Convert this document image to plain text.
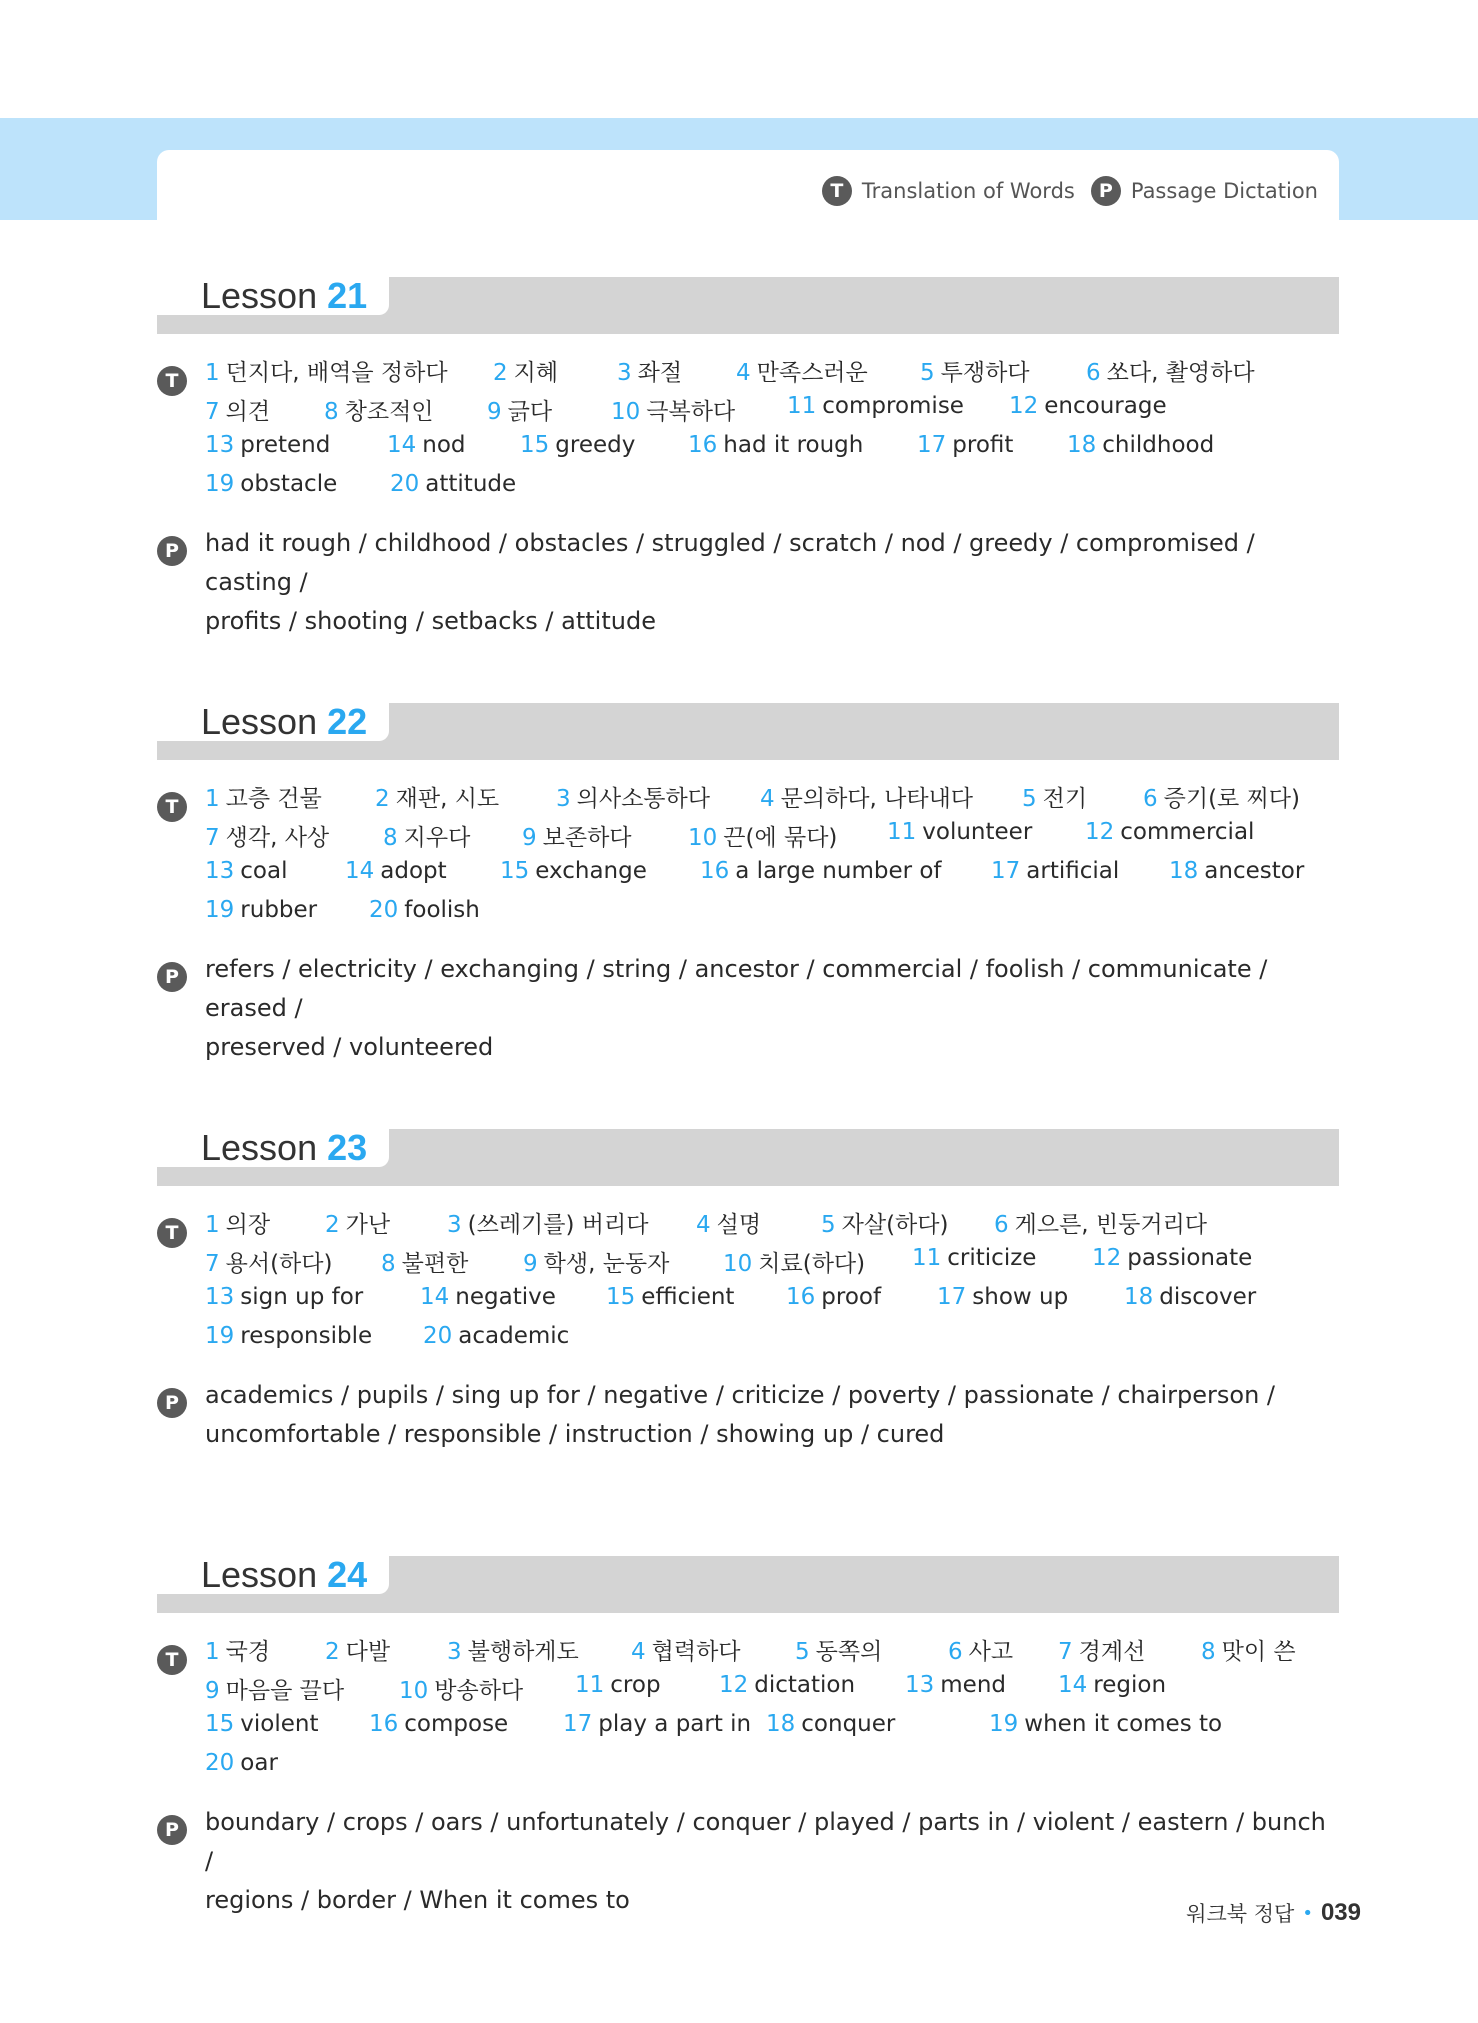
T Translation of Words	P Passage Dictation
Lesson 21
T	1 던지다, 배역을 정하다 2 지혜	3 좌절 4 만족스러운 5 투쟁하다 6 쏘다, 촬영하다
7 의견 8 창조적인 9 긁다	10 극복하다 11 compromise 12 encourage
13 pretend 14 nod 15 greedy 16 had it rough 17 profit 18 childhood
19 obstacle 20 attitude
P	had it rough / childhood / obstacles / struggled / scratch / nod / greedy / compromised / casting /

profits / shooting / setbacks / attitude

Lesson 22
T	1 고층 건물 2 재판, 시도 3 의사소통하다 4 문의하다, 나타내다 5 전기 6 증기(로 찌다)
7 생각, 사상 8 지우다 9 보존하다 10 끈(에 묶다) 11 volunteer 12 commercial
13 coal	14 adopt 15 exchange 16 a large number of 17 artificial 18 ancestor
19 rubber 20 foolish
P	refers / electricity / exchanging / string / ancestor / commercial / foolish / communicate / erased /

preserved / volunteered

Lesson 23
T	1 의장 2 가난 3 (쓰레기를) 버리다 4 설명	5 자살(하다) 6 게으른, 빈둥거리다
7 용서(하다) 8 불편한 9 학생, 눈동자 10 치료(하다) 11 criticize 12 passionate
13 sign up for 14 negative 15 efficient 16 proof 17 show up 18 discover
19 responsible 20 academic
P	academics / pupils / sing up for / negative / criticize / poverty / passionate / chairperson /

uncomfortable / responsible / instruction / showing up / cured

Lesson 24
T	1 국경 2 다발 3 불행하게도 4 협력하다 5 동쪽의	6 사고 7 경계선 8 맛이 쓴
9 마음을 끌다 10 방송하다 11 crop	12 dictation 13 mend 14 region
15 violent 16 compose 17 play a part in 18 conquer	19 when it comes to
20 oar
P	boundary / crops / oars / unfortunately / conquer / played / parts in / violent / eastern / bunch /

regions / border / When it comes to	워크북 정답 • 039
